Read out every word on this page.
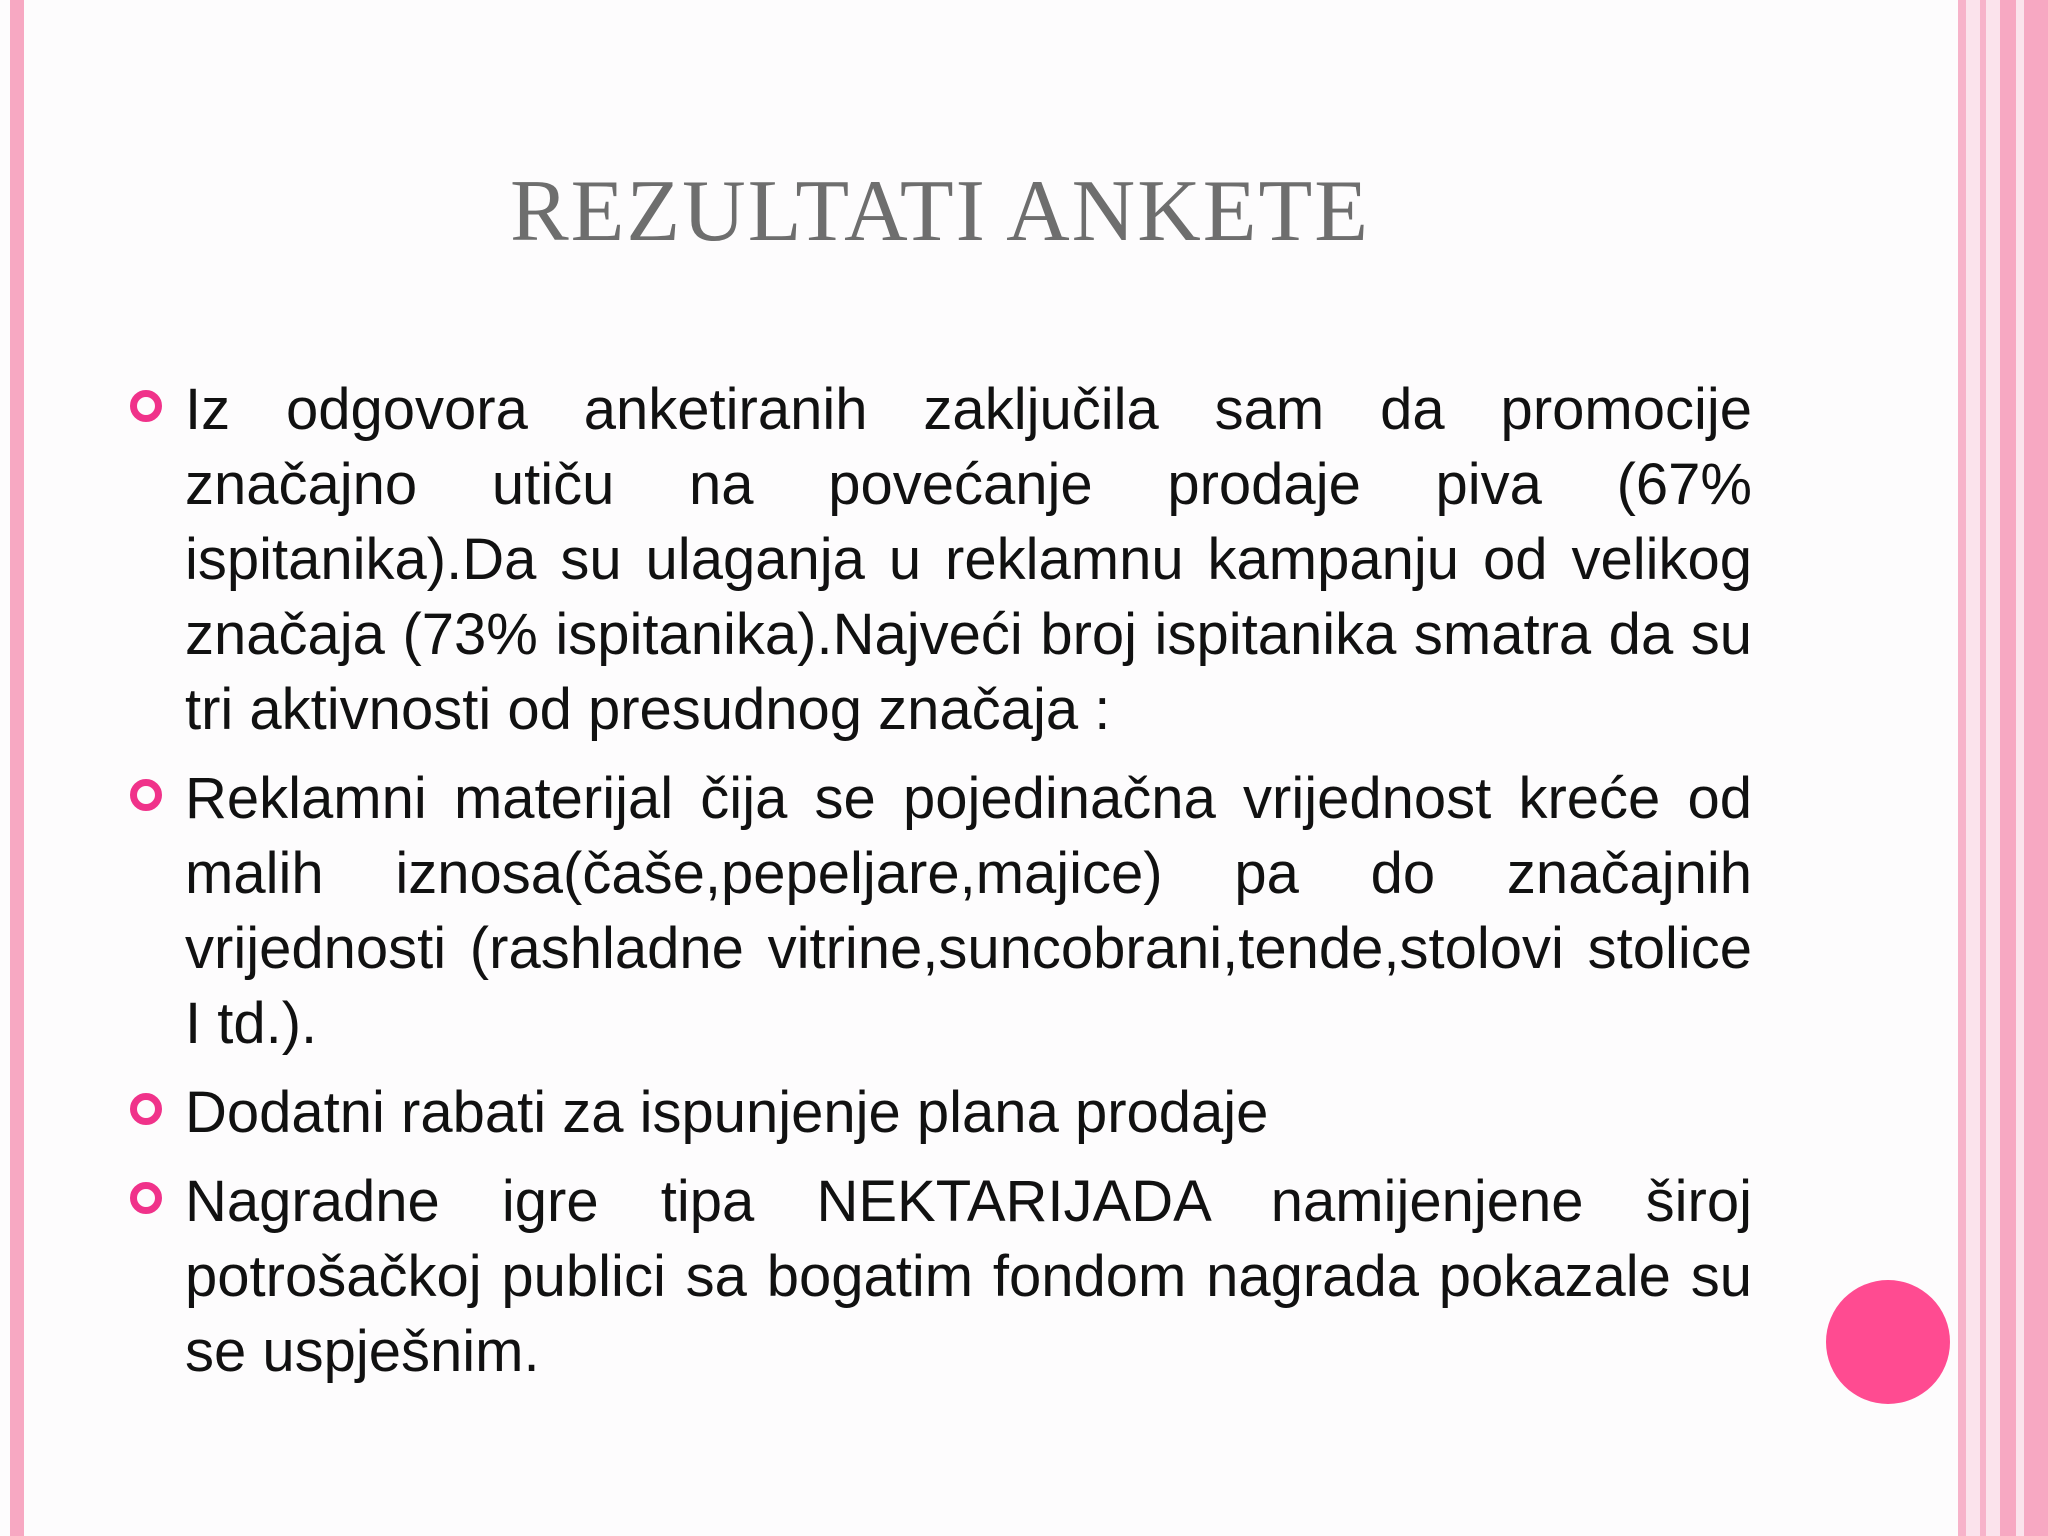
REZULTATI ANKETE
Iz odgovora anketiranih zaključila sam da promocije značajno utiču na povećanje prodaje piva (67% ispitanika).Da su ulaganja u reklamnu kampanju od velikog značaja (73% ispitanika).Najveći broj ispitanika smatra da su tri aktivnosti od presudnog značaja :
Reklamni materijal čija se pojedinačna vrijednost kreće od malih iznosa(čaše,pepeljare,majice) pa do značajnih vrijednosti (rashladne vitrine,suncobrani,tende,stolovi stolice I td.).
Dodatni rabati za ispunjenje plana prodaje
Nagradne igre tipa NEKTARIJADA namijenjene široj potrošačkoj publici sa bogatim fondom nagrada pokazale su se uspješnim.
